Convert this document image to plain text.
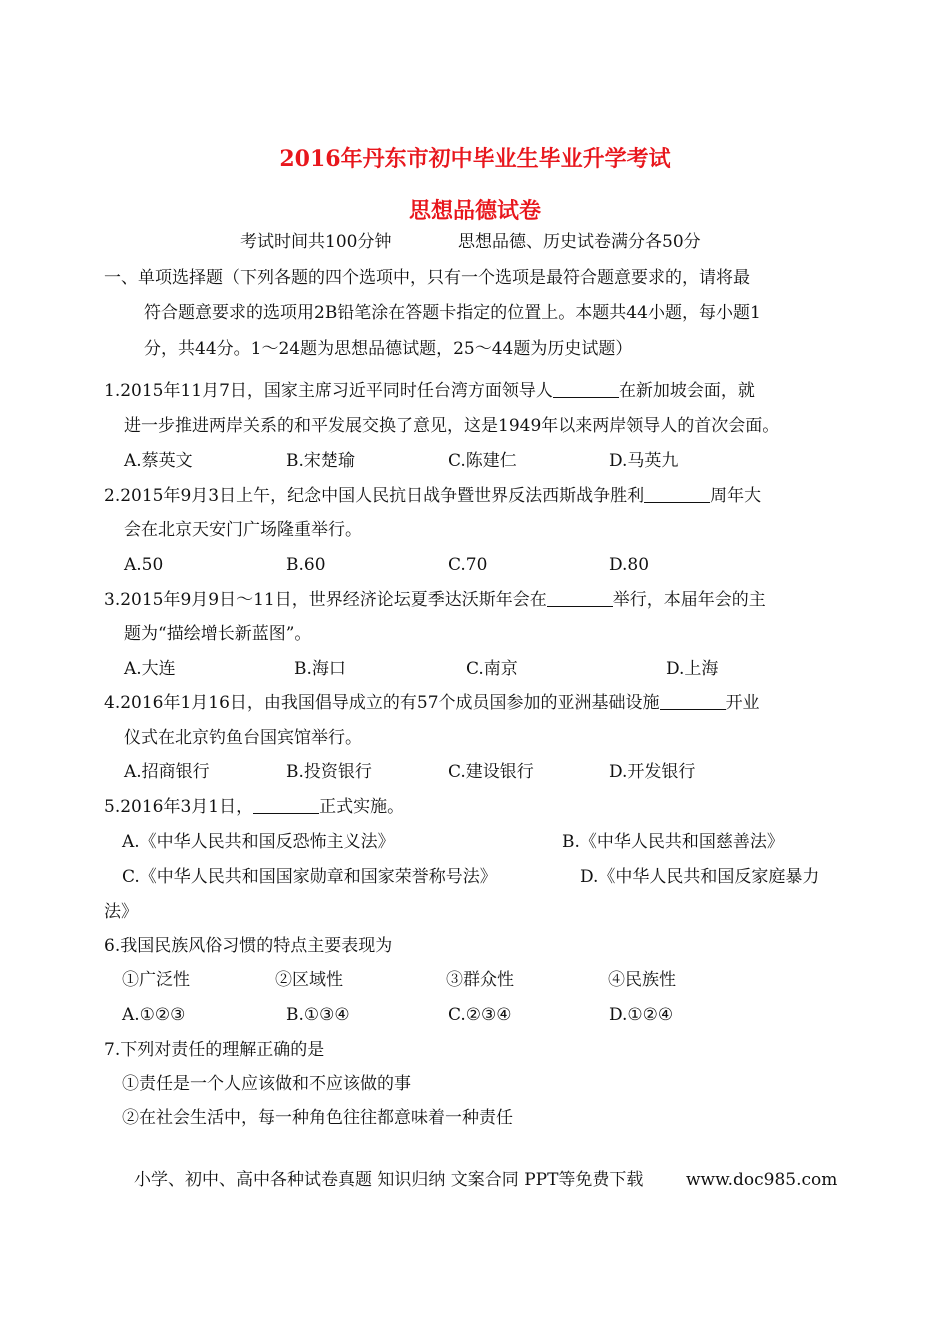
2016年丹东市初中毕业生毕业升学考试
思想品德试卷
考试时间共100分钟	思想品德、历史试卷满分各50分
一、单项选择题（下列各题的四个选项中，只有一个选项是最符合题意要求的，请将最
符合题意要求的选项用2B铅笔涂在答题卡指定的位置上。本题共44小题，每小题1
分，共44分。1～24题为思想品德试题，25～44题为历史试题）
1.2015年11月7日，国家主席习近平同时任台湾方面领导人	在新加坡会面，就
进一步推进两岸关系的和平发展交换了意见，这是1949年以来两岸领导人的首次会面。
A.蔡英文	B.宋楚瑜	C.陈建仁	D.马英九
2.2015年9月3日上午，纪念中国人民抗日战争暨世界反法西斯战争胜利	周年大
会在北京天安门广场隆重举行。
A.50	B.60	C.70	D.80
3.2015年9月9日～11日，世界经济论坛夏季达沃斯年会在	举行，本届年会的主
题为“描绘增长新蓝图”。
A.大连	B.海口	C.南京	D.上海
4.2016年1月16日，由我国倡导成立的有57个成员国参加的亚洲基础设施	开业
仪式在北京钓鱼台国宾馆举行。
A.招商银行	B.投资银行	C.建设银行	D.开发银行
5.2016年3月1日，	正式实施。
A.《中华人民共和国反恐怖主义法》	B.《中华人民共和国慈善法》
C.《中华人民共和国国家勋章和国家荣誉称号法》	D.《中华人民共和国反家庭暴力
法》
6.我国民族风俗习惯的特点主要表现为
①广泛性	②区域性	③群众性	④民族性
A.①②③	B.①③④	C.②③④	D.①②④
7.下列对责任的理解正确的是
①责任是一个人应该做和不应该做的事
②在社会生活中，每一种角色往往都意味着一种责任
小学、初中、高中各种试卷真题 知识归纳 文案合同 PPT等免费下载	www.doc985.com
